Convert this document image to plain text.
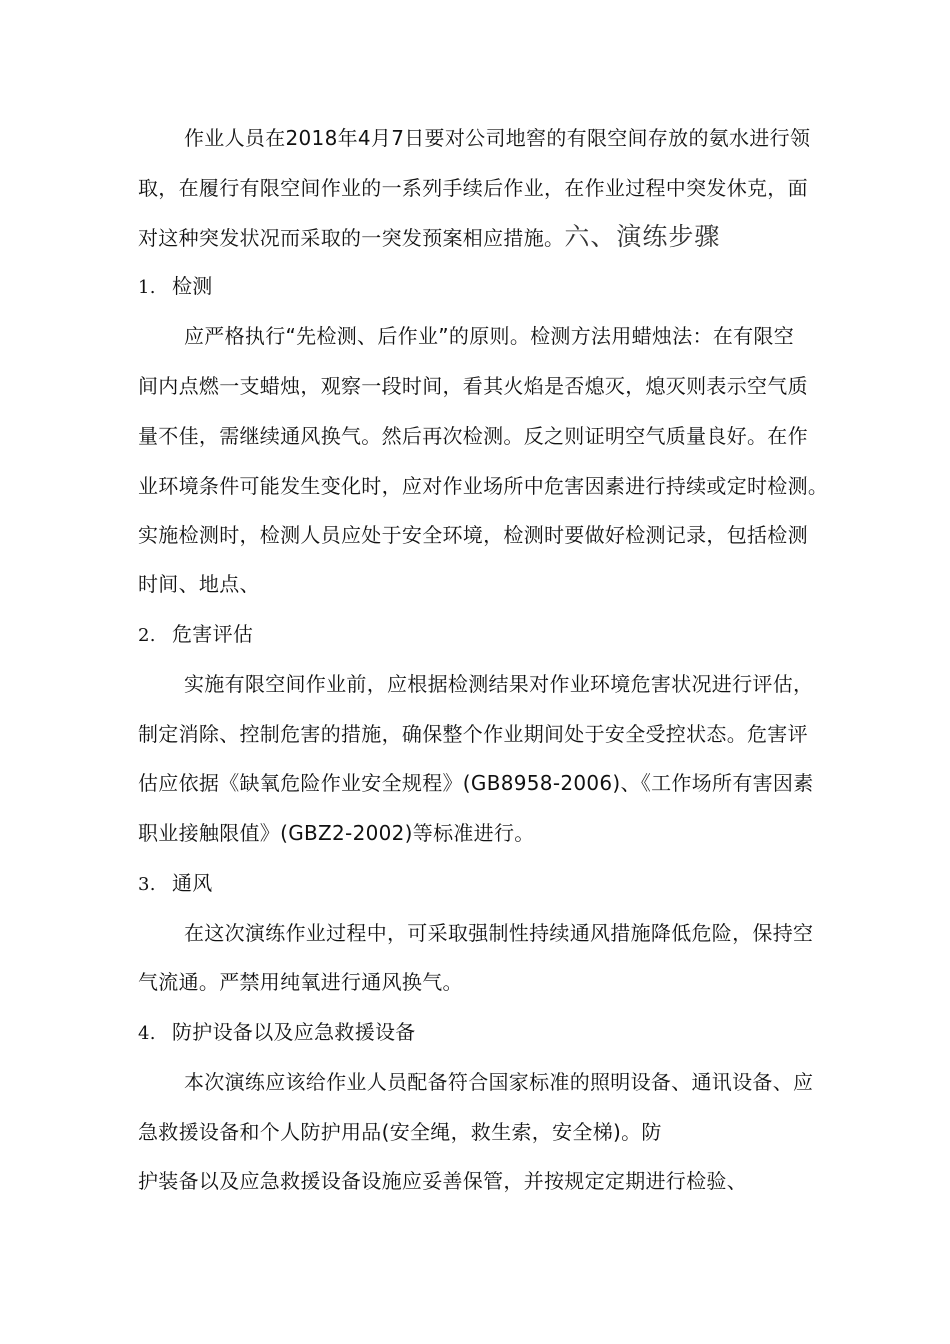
作业人员在2018年4月7日要对公司地窖的有限空间存放的氨水进行领
取，在履行有限空间作业的一系列手续后作业，在作业过程中突发休克，面
对这种突发状况而采取的一突发预案相应措施。六、演练步骤
1. 检测
应严格执行“先检测、后作业”的原则。检测方法用蜡烛法：在有限空
间内点燃一支蜡烛，观察一段时间，看其火焰是否熄灭，熄灭则表示空气质
量不佳，需继续通风换气。然后再次检测。反之则证明空气质量良好。在作
业环境条件可能发生变化时，应对作业场所中危害因素进行持续或定时检测。
实施检测时，检测人员应处于安全环境，检测时要做好检测记录，包括检测
时间、地点、
2. 危害评估
实施有限空间作业前，应根据检测结果对作业环境危害状况进行评估，
制定消除、控制危害的措施，确保整个作业期间处于安全受控状态。危害评
估应依据《缺氧危险作业安全规程》(GB8958-2006)、《工作场所有害因素
职业接触限值》(GBZ2-2002)等标准进行。
3. 通风
在这次演练作业过程中，可采取强制性持续通风措施降低危险，保持空
气流通。严禁用纯氧进行通风换气。
4. 防护设备以及应急救援设备
本次演练应该给作业人员配备符合国家标准的照明设备、通讯设备、应
急救援设备和个人防护用品(安全绳，救生索，安全梯)。防
护装备以及应急救援设备设施应妥善保管，并按规定定期进行检验、
